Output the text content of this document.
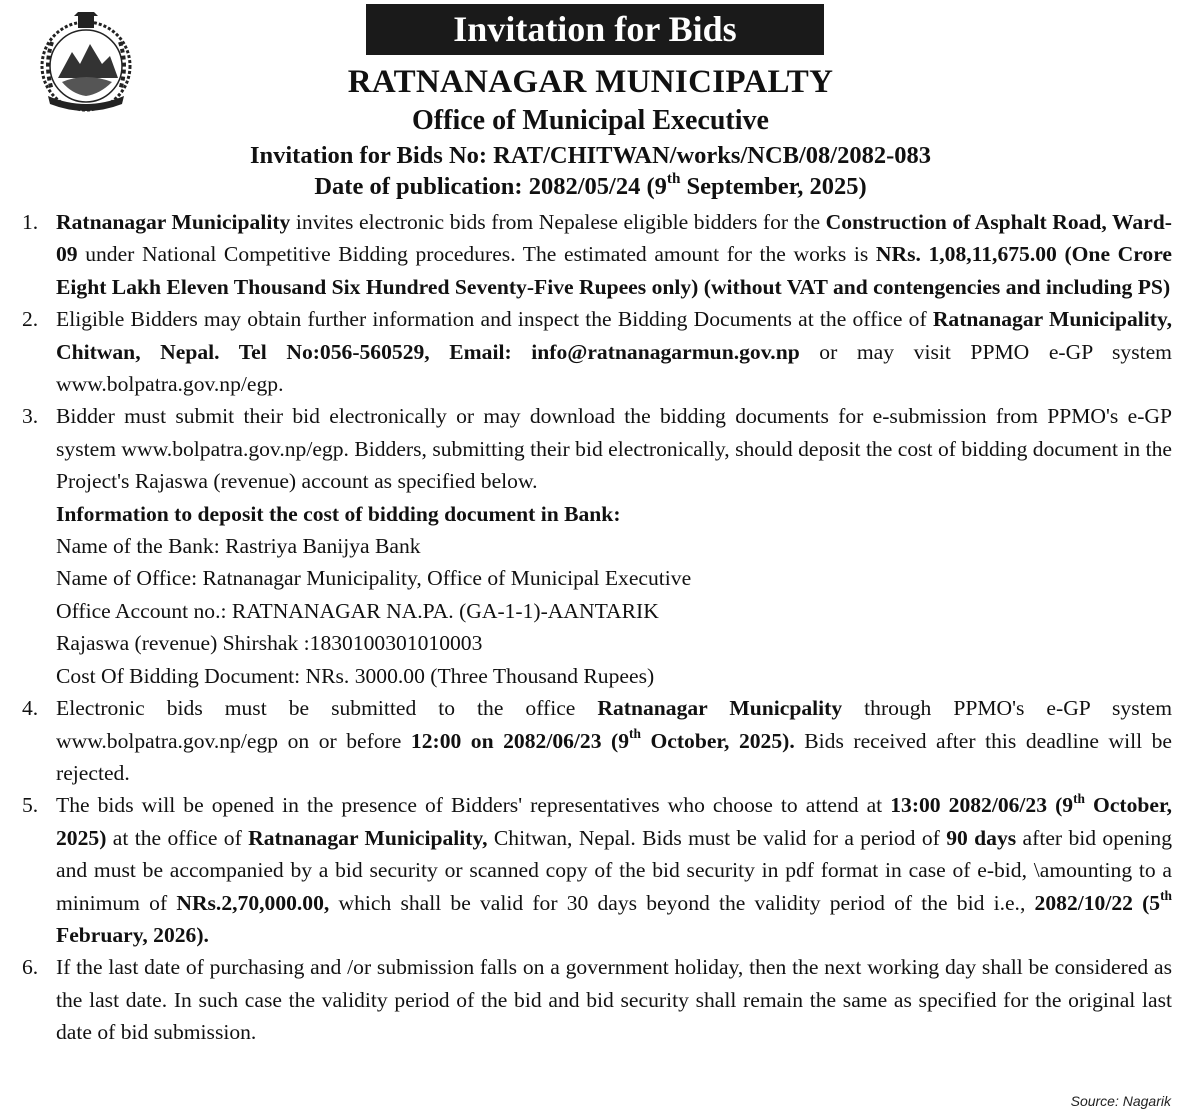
Invitation for Bids
RATNANAGAR MUNICIPALTY
Office of Municipal Executive
Invitation for Bids No: RAT/CHITWAN/works/NCB/08/2082-083
Date of publication: 2082/05/24 (9th September, 2025)
1. Ratnanagar Municipality invites electronic bids from Nepalese eligible bidders for the Construction of Asphalt Road, Ward-09 under National Competitive Bidding procedures. The estimated amount for the works is NRs. 1,08,11,675.00 (One Crore Eight Lakh Eleven Thousand Six Hundred Seventy-Five Rupees only) (without VAT and contengencies and including PS)
2. Eligible Bidders may obtain further information and inspect the Bidding Documents at the office of Ratnanagar Municipality, Chitwan, Nepal. Tel No:056-560529, Email: info@ratnanagarmun.gov.np or may visit PPMO e-GP system www.bolpatra.gov.np/egp.
3. Bidder must submit their bid electronically or may download the bidding documents for e-submission from PPMO's e-GP system www.bolpatra.gov.np/egp. Bidders, submitting their bid electronically, should deposit the cost of bidding document in the Project's Rajaswa (revenue) account as specified below.
Information to deposit the cost of bidding document in Bank:
Name of the Bank: Rastriya Banijya Bank
Name of Office: Ratnanagar Municipality, Office of Municipal Executive
Office Account no.: RATNANAGAR NA.PA. (GA-1-1)-AANTARIK
Rajaswa (revenue) Shirshak :1830100301010003
Cost Of Bidding Document: NRs. 3000.00 (Three Thousand Rupees)
4. Electronic bids must be submitted to the office Ratnanagar Municpality through PPMO's e-GP system www.bolpatra.gov.np/egp on or before 12:00 on 2082/06/23 (9th October, 2025). Bids received after this deadline will be rejected.
5. The bids will be opened in the presence of Bidders' representatives who choose to attend at 13:00 2082/06/23 (9th October, 2025) at the office of Ratnanagar Municipality, Chitwan, Nepal. Bids must be valid for a period of 90 days after bid opening and must be accompanied by a bid security or scanned copy of the bid security in pdf format in case of e-bid, \amounting to a minimum of NRs.2,70,000.00, which shall be valid for 30 days beyond the validity period of the bid i.e., 2082/10/22 (5th February, 2026).
6. If the last date of purchasing and /or submission falls on a government holiday, then the next working day shall be considered as the last date. In such case the validity period of the bid and bid security shall remain the same as specified for the original last date of bid submission.
Source: Nagarik
